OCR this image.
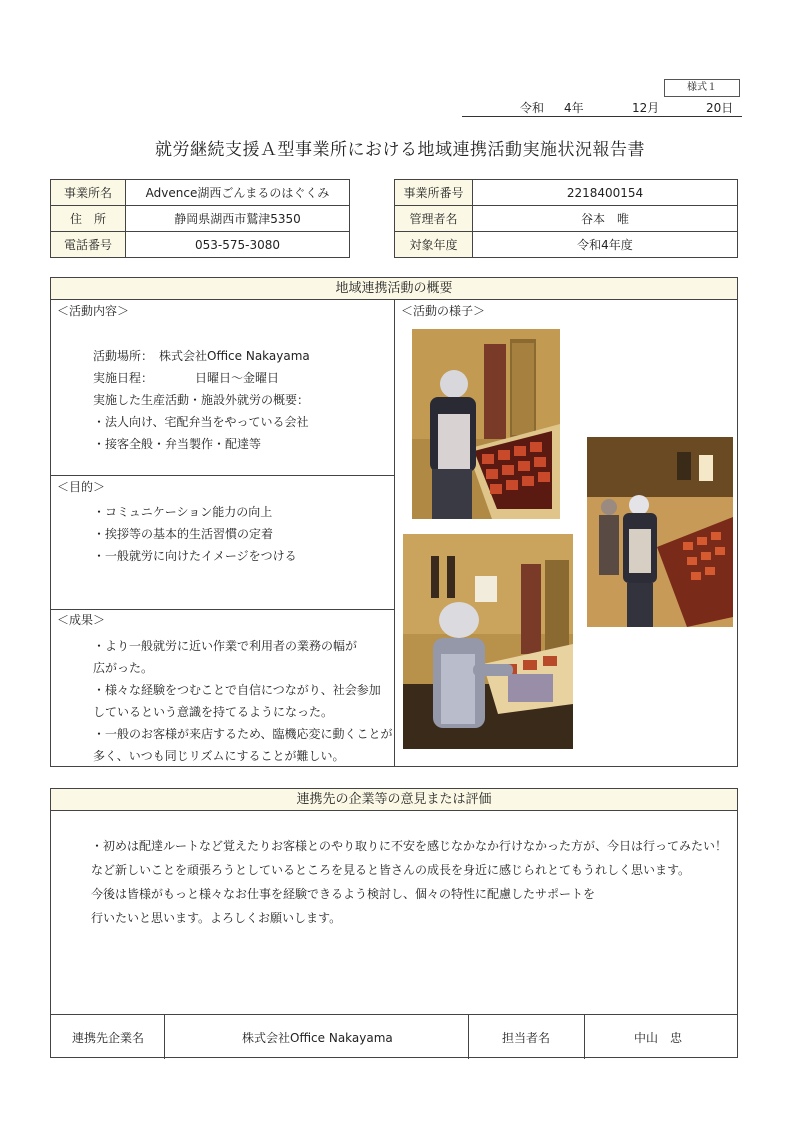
様式１
令和 4年	12月	20日
就労継続支援Ａ型事業所における地域連携活動実施状況報告書
事業所名	Advence湖西ごんまるのはぐくみ
住　所	静岡県湖西市鷲津5350
電話番号	053-575-3080
事業所番号	2218400154
管理者名	谷本　唯
対象年度	令和4年度
地域連携活動の概要
＜活動内容＞
活動場所：　株式会社Office Nakayama
実施日程：　　　　日曜日～金曜日
実施した生産活動・施設外就労の概要：
・法人向け、宅配弁当をやっている会社
・接客全般・弁当製作・配達等
＜目的＞
・コミュニケーション能力の向上
・挨拶等の基本的生活習慣の定着
・一般就労に向けたイメージをつける
＜成果＞
・より一般就労に近い作業で利用者の業務の幅が
広がった。
・様々な経験をつむことで自信につながり、社会参加
しているという意識を持てるようになった。
・一般のお客様が来店するため、臨機応変に動くことが
多く、いつも同じリズムにすることが難しい。
＜活動の様子＞
連携先の企業等の意見または評価
・初めは配達ルートなど覚えたりお客様とのやり取りに不安を感じなかなか行けなかった方が、今日は行ってみたい！
など新しいことを頑張ろうとしているところを見ると皆さんの成長を身近に感じられとてもうれしく思います。
今後は皆様がもっと様々なお仕事を経験できるよう検討し、個々の特性に配慮したサポートを
行いたいと思います。よろしくお願いします。
連携先企業名	株式会社Office Nakayama	担当者名	中山　忠
